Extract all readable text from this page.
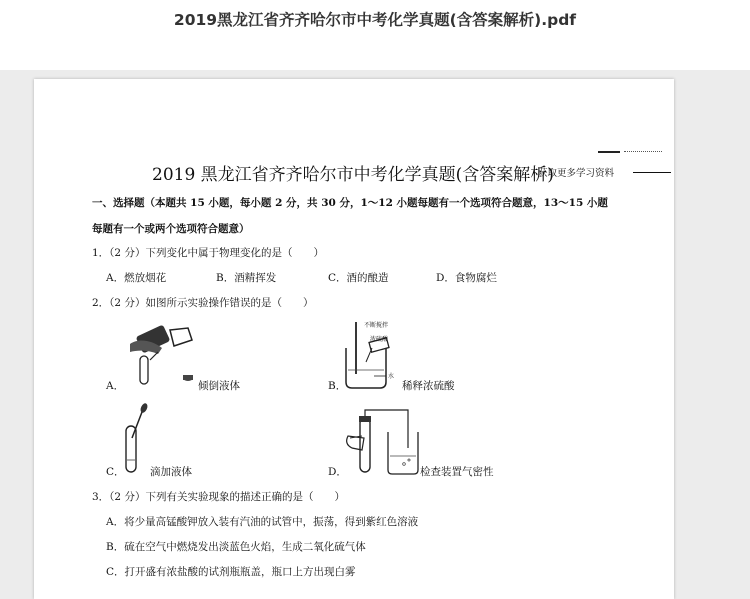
2019黑龙江省齐齐哈尔市中考化学真题(含答案解析).pdf
2019 黑龙江省齐齐哈尔市中考化学真题(含答案解析)
获取更多学习资料
一、选择题（本题共 15 小题，每小题 2 分，共 30 分，1～12 小题每题有一个选项符合题意，13～15 小题
每题有一个或两个选项符合题意）
1．（2 分）下列变化中属于物理变化的是（　　）
A．燃放烟花	B．酒精挥发	C．酒的酿造	D．食物腐烂
2．（2 分）如图所示实验操作错误的是（　　）
A．	倾倒液体	B．
不断搅拌
浓硫酸
水
稀释浓硫酸
C． 滴加液体	D．	检查装置气密性
3．（2 分）下列有关实验现象的描述正确的是（　　）
A．将少量高锰酸钾放入装有汽油的试管中，振荡，得到紫红色溶液
B．硫在空气中燃烧发出淡蓝色火焰，生成二氧化硫气体
C．打开盛有浓盐酸的试剂瓶瓶盖，瓶口上方出现白雾
